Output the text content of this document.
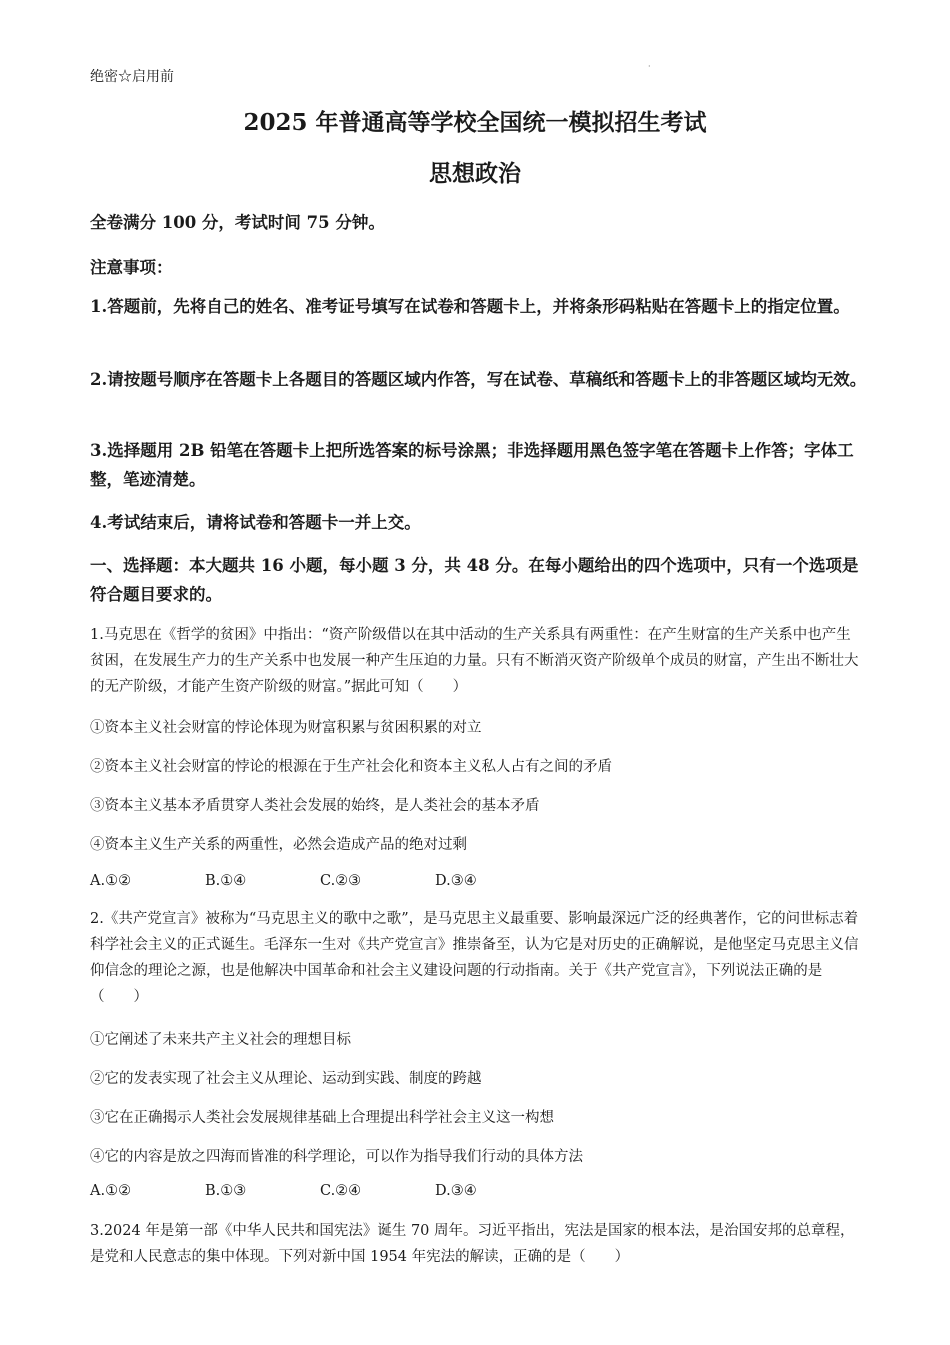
绝密☆启用前
·
2025 年普通高等学校全国统一模拟招生考试
思想政治

全卷满分 100 分，考试时间 75 分钟。

注意事项：

1.答题前，先将自己的姓名、准考证号填写在试卷和答题卡上，并将条形码粘贴在答题卡上的指定位置。

2.请按题号顺序在答题卡上各题目的答题区域内作答，写在试卷、草稿纸和答题卡上的非答题区域均无效。

3.选择题用 2B 铅笔在答题卡上把所选答案的标号涂黑；非选择题用黑色签字笔在答题卡上作答；字体工整，笔迹清楚。

4.考试结束后，请将试卷和答题卡一并上交。

一、选择题：本大题共 16 小题，每小题 3 分，共 48 分。在每小题给出的四个选项中，只有一个选项是符合题目要求的。

1.马克思在《哲学的贫困》中指出：“资产阶级借以在其中活动的生产关系具有两重性：在产生财富的生产关系中也产生贫困，在发展生产力的生产关系中也发展一种产生压迫的力量。只有不断消灭资产阶级单个成员的财富，产生出不断壮大的无产阶级，才能产生资产阶级的财富。”据此可知（　　）

①资本主义社会财富的悖论体现为财富积累与贫困积累的对立

②资本主义社会财富的悖论的根源在于生产社会化和资本主义私人占有之间的矛盾

③资本主义基本矛盾贯穿人类社会发展的始终，是人类社会的基本矛盾

④资本主义生产关系的两重性，必然会造成产品的绝对过剩

A.①②	B.①④	C.②③	D.③④

2.《共产党宣言》被称为“马克思主义的歌中之歌”，是马克思主义最重要、影响最深远广泛的经典著作，它的问世标志着科学社会主义的正式诞生。毛泽东一生对《共产党宣言》推崇备至，认为它是对历史的正确解说，是他坚定马克思主义信仰信念的理论之源，也是他解决中国革命和社会主义建设问题的行动指南。关于《共产党宣言》，下列说法正确的是（　　）

①它阐述了未来共产主义社会的理想目标

②它的发表实现了社会主义从理论、运动到实践、制度的跨越

③它在正确揭示人类社会发展规律基础上合理提出科学社会主义这一构想

④它的内容是放之四海而皆准的科学理论，可以作为指导我们行动的具体方法

A.①②	B.①③	C.②④	D.③④

3.2024 年是第一部《中华人民共和国宪法》诞生 70 周年。习近平指出，宪法是国家的根本法，是治国安邦的总章程，是党和人民意志的集中体现。下列对新中国 1954 年宪法的解读，正确的是（　　）
